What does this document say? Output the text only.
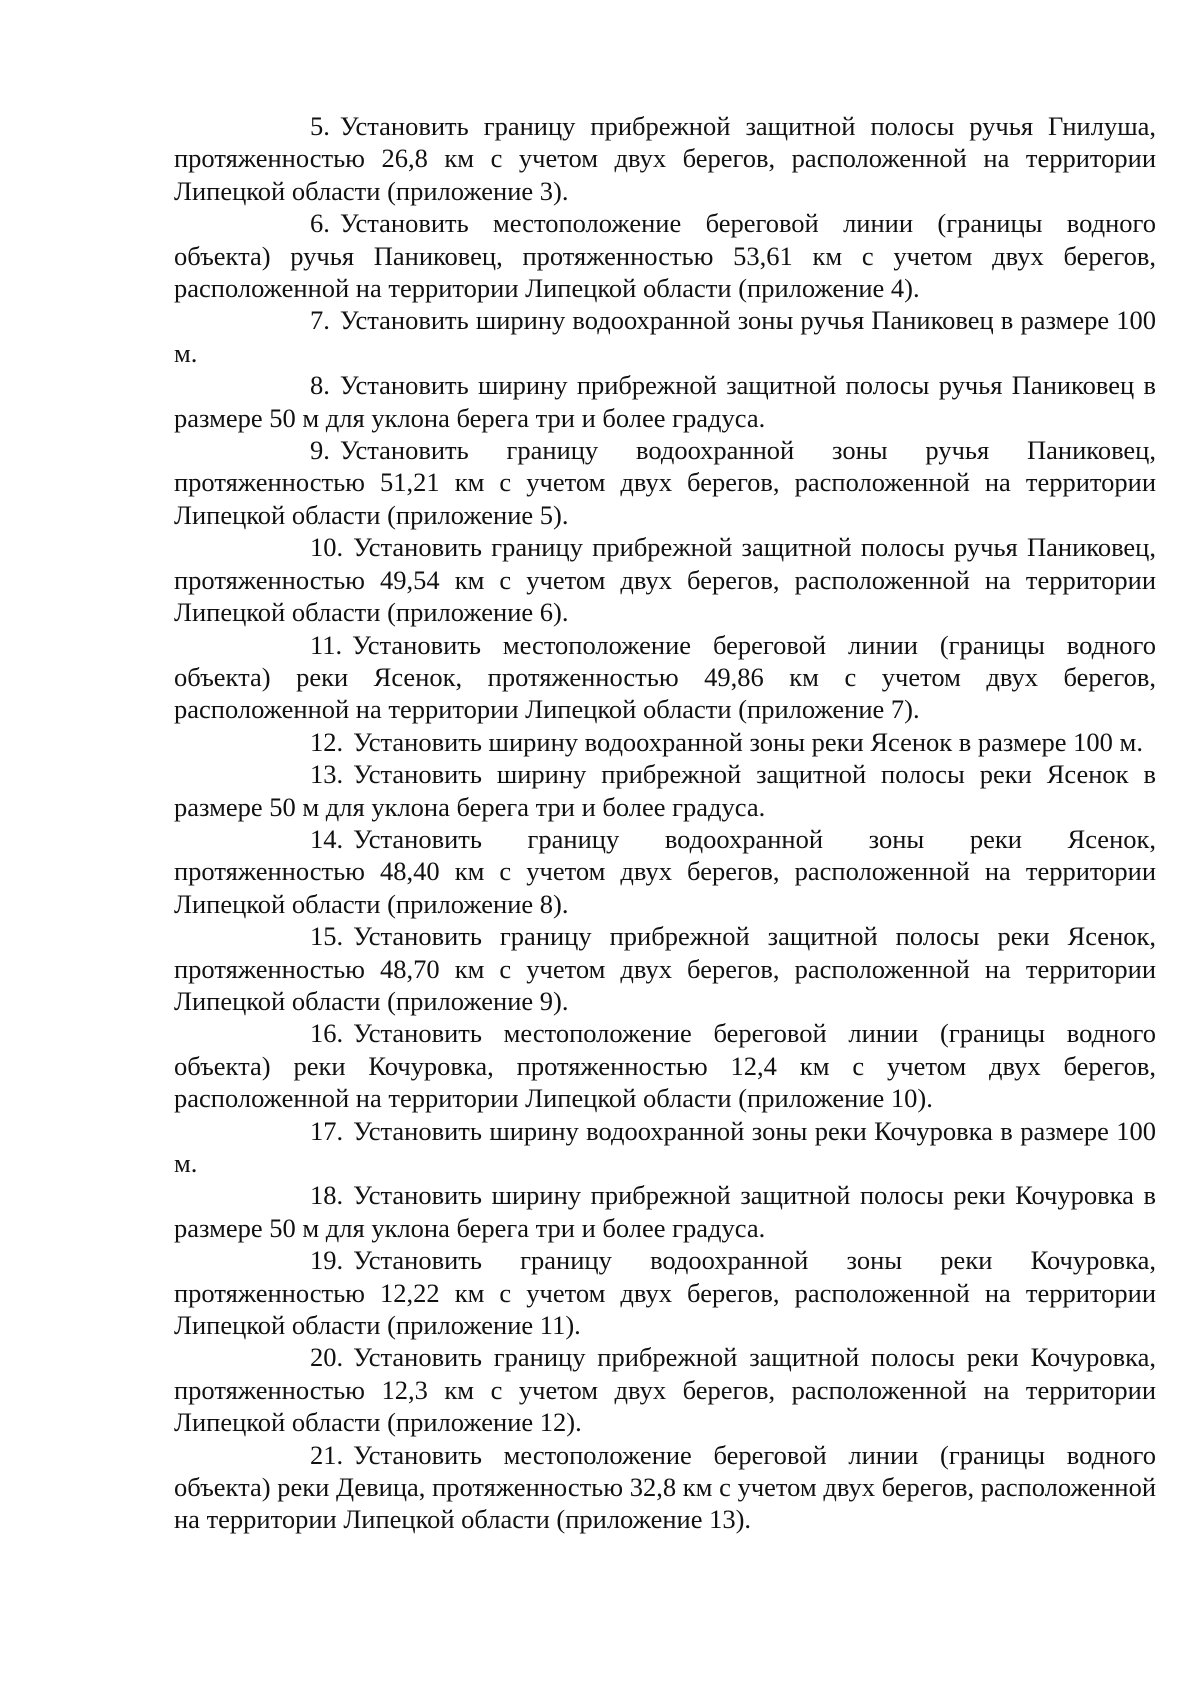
5. Установить границу прибрежной защитной полосы ручья Гнилуша, протяженностью 26,8 км с учетом двух берегов, расположенной на территории Липецкой области (приложение 3).

6. Установить местоположение береговой линии (границы водного объекта) ручья Паниковец, протяженностью 53,61 км с учетом двух берегов, расположенной на территории Липецкой области (приложение 4).

7. Установить ширину водоохранной зоны ручья Паниковец в размере 100 м.

8. Установить ширину прибрежной защитной полосы ручья Паниковец в размере 50 м для уклона берега три и более градуса.

9. Установить границу водоохранной зоны ручья Паниковец, протяженностью 51,21 км с учетом двух берегов, расположенной на территории Липецкой области (приложение 5).

10. Установить границу прибрежной защитной полосы ручья Паниковец, протяженностью 49,54 км с учетом двух берегов, расположенной на территории Липецкой области (приложение 6).

11. Установить местоположение береговой линии (границы водного объекта) реки Ясенок, протяженностью 49,86 км с учетом двух берегов, расположенной на территории Липецкой области (приложение 7).

12. Установить ширину водоохранной зоны реки Ясенок в размере 100 м.

13. Установить ширину прибрежной защитной полосы реки Ясенок в размере 50 м для уклона берега три и более градуса.

14. Установить границу водоохранной зоны реки Ясенок, протяженностью 48,40 км с учетом двух берегов, расположенной на территории Липецкой области (приложение 8).

15. Установить границу прибрежной защитной полосы реки Ясенок, протяженностью 48,70 км с учетом двух берегов, расположенной на территории Липецкой области (приложение 9).

16. Установить местоположение береговой линии (границы водного объекта) реки Кочуровка, протяженностью 12,4 км с учетом двух берегов, расположенной на территории Липецкой области (приложение 10).

17. Установить ширину водоохранной зоны реки Кочуровка в размере 100 м.

18. Установить ширину прибрежной защитной полосы реки Кочуровка в размере 50 м для уклона берега три и более градуса.

19. Установить границу водоохранной зоны реки Кочуровка, протяженностью 12,22 км с учетом двух берегов, расположенной на территории Липецкой области (приложение 11).

20. Установить границу прибрежной защитной полосы реки Кочуровка, протяженностью 12,3 км с учетом двух берегов, расположенной на территории Липецкой области (приложение 12).

21. Установить местоположение береговой линии (границы водного объекта) реки Девица, протяженностью 32,8 км с учетом двух берегов, расположенной на территории Липецкой области (приложение 13).
